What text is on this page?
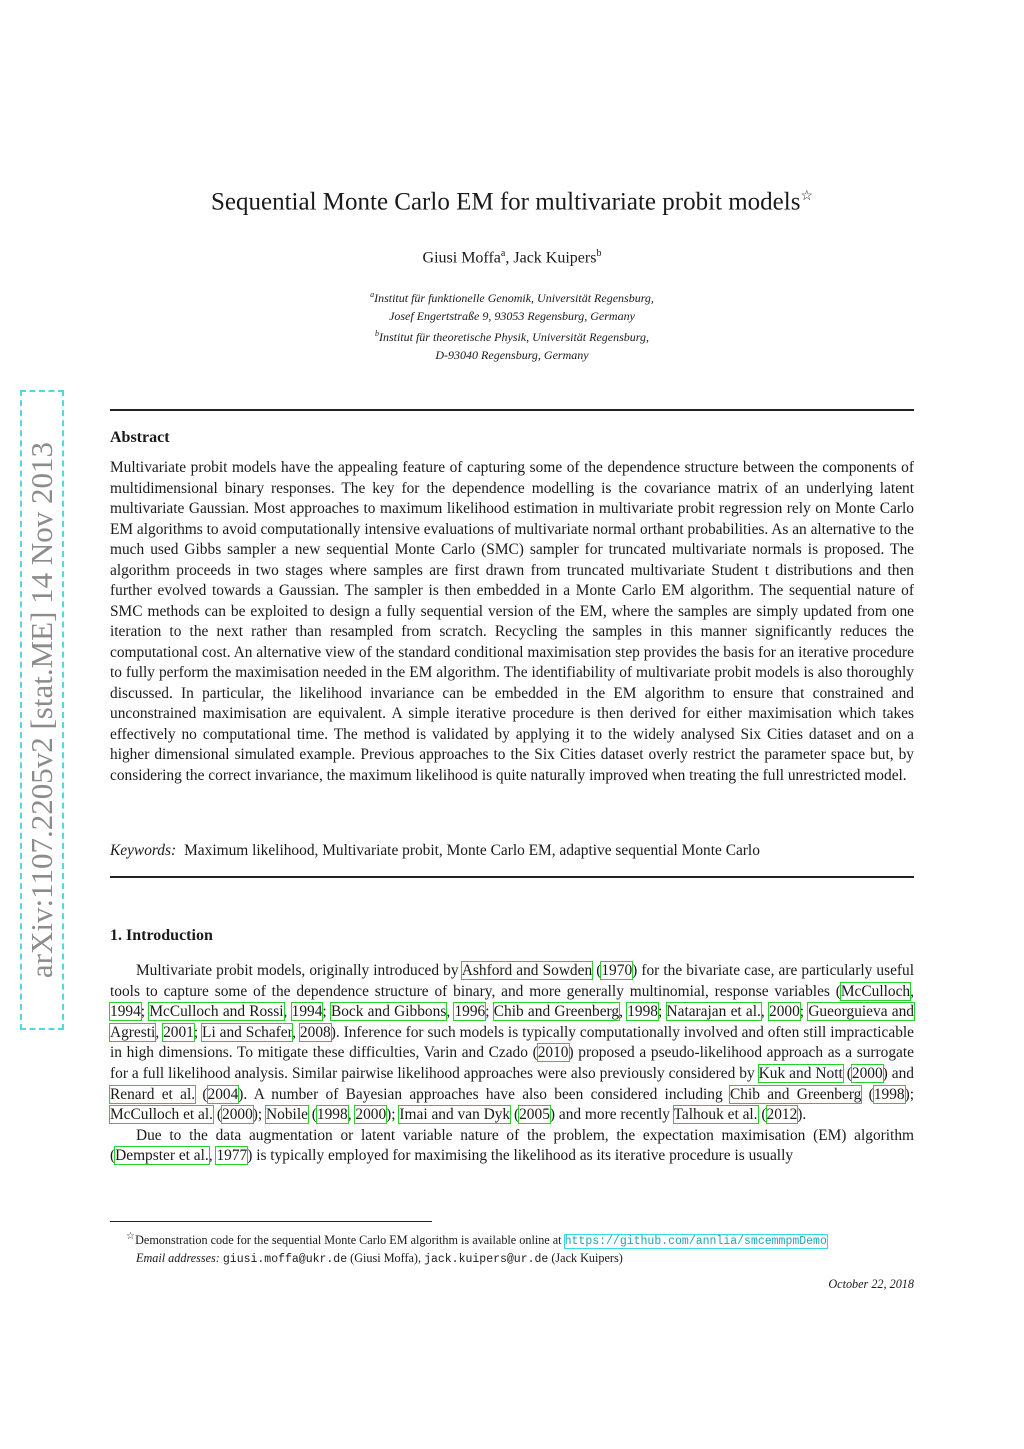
arXiv:1107.2205v2 [stat.ME] 14 Nov 2013
Sequential Monte Carlo EM for multivariate probit models☆
Giusi Moffa$^a$, Jack Kuipers$^b$
$^a$Institut für funktionelle Genomik, Universität Regensburg,
Josef Engertstraße 9, 93053 Regensburg, Germany
$^b$Institut für theoretische Physik, Universität Regensburg,
D-93040 Regensburg, Germany
Abstract
Multivariate probit models have the appealing feature of capturing some of the dependence structure between the components of multidimensional binary responses. The key for the dependence modelling is the covariance matrix of an underlying latent multivariate Gaussian. Most approaches to maximum likelihood estimation in multivariate probit regression rely on Monte Carlo EM algorithms to avoid computationally intensive evaluations of multivariate normal orthant probabilities. As an alternative to the much used Gibbs sampler a new sequential Monte Carlo (SMC) sampler for truncated multivariate normals is proposed. The algorithm proceeds in two stages where samples are first drawn from truncated multivariate Student t distributions and then further evolved towards a Gaussian. The sampler is then embedded in a Monte Carlo EM algorithm. The sequential nature of SMC methods can be exploited to design a fully sequential version of the EM, where the samples are simply updated from one iteration to the next rather than resampled from scratch. Recycling the samples in this manner significantly reduces the computational cost. An alternative view of the standard conditional maximisation step provides the basis for an iterative procedure to fully perform the maximisation needed in the EM algorithm. The identifiability of multivariate probit models is also thoroughly discussed. In particular, the likelihood invariance can be embedded in the EM algorithm to ensure that constrained and unconstrained maximisation are equivalent. A simple iterative procedure is then derived for either maximisation which takes effectively no computational time. The method is validated by applying it to the widely analysed Six Cities dataset and on a higher dimensional simulated example. Previous approaches to the Six Cities dataset overly restrict the parameter space but, by considering the correct invariance, the maximum likelihood is quite naturally improved when treating the full unrestricted model.
Keywords: Maximum likelihood, Multivariate probit, Monte Carlo EM, adaptive sequential Monte Carlo
1. Introduction

Multivariate probit models, originally introduced by Ashford and Sowden (1970) for the bivariate case, are particularly useful tools to capture some of the dependence structure of binary, and more generally multinomial, response variables (McCulloch, 1994; McCulloch and Rossi, 1994; Bock and Gibbons, 1996; Chib and Greenberg, 1998; Natarajan et al., 2000; Gueorguieva and Agresti, 2001; Li and Schafer, 2008). Inference for such models is typically computationally involved and often still impracticable in high dimensions. To mitigate these difficulties, Varin and Czado (2010) proposed a pseudo-likelihood approach as a surrogate for a full likelihood analysis. Similar pairwise likelihood approaches were also previously considered by Kuk and Nott (2000) and Renard et al. (2004). A number of Bayesian approaches have also been considered including Chib and Greenberg (1998); McCulloch et al. (2000); Nobile (1998, 2000); Imai and van Dyk (2005) and more recently Talhouk et al. (2012).

Due to the data augmentation or latent variable nature of the problem, the expectation maximisation (EM) algorithm (Dempster et al., 1977) is typically employed for maximising the likelihood as its iterative procedure is usually

☆Demonstration code for the sequential Monte Carlo EM algorithm is available online at https://github.com/annlia/smcemmpmDemo
Email addresses: giusi.moffa@ukr.de (Giusi Moffa), jack.kuipers@ur.de (Jack Kuipers)
October 22, 2018
